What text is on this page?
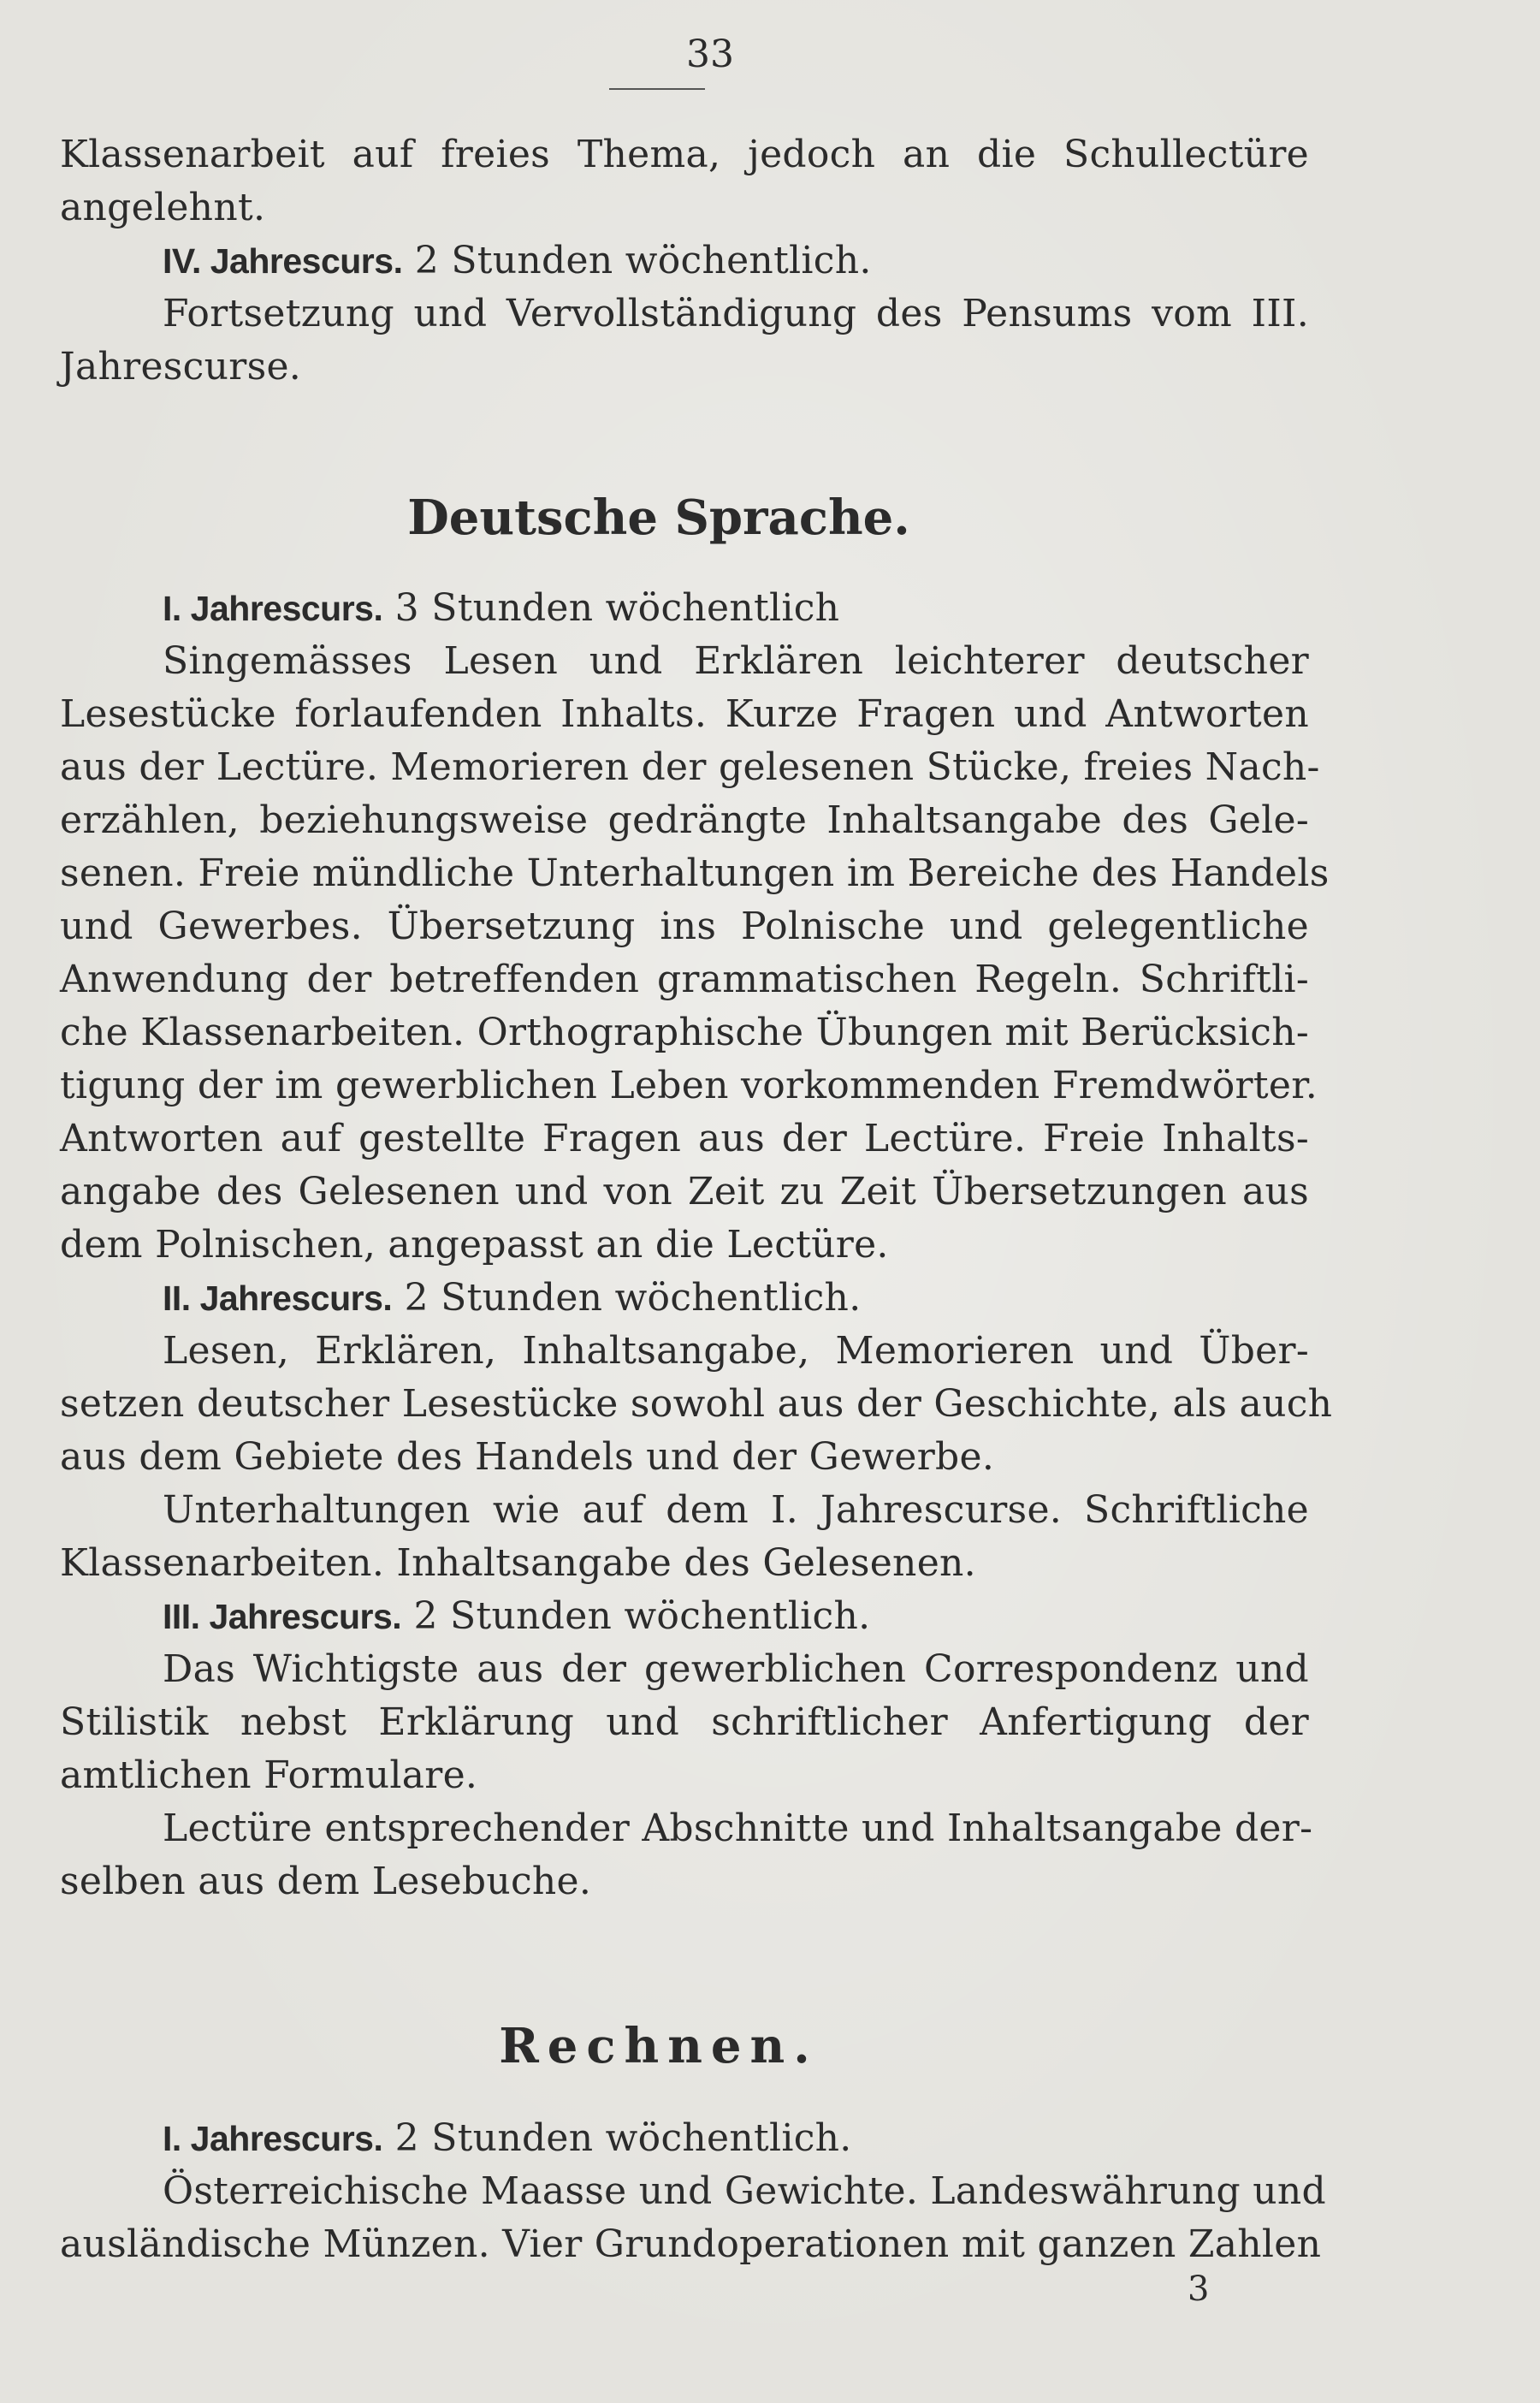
33
Klassenarbeit auf freies Thema, jedoch an die Schullectüre
angelehnt.
IV. Jahrescurs. 2 Stunden wöchentlich.
Fortsetzung und Vervollständigung des Pensums vom III.
Jahrescurse.
Deutsche Sprache.
I. Jahrescurs. 3 Stunden wöchentlich
Singemässes Lesen und Erklären leichterer deutscher
Lesestücke forlaufenden Inhalts. Kurze Fragen und Antworten
aus der Lectüre. Memorieren der gelesenen Stücke, freies Nach-
erzählen, beziehungsweise gedrängte Inhaltsangabe des Gele-
senen. Freie mündliche Unterhaltungen im Bereiche des Handels
und Gewerbes. Übersetzung ins Polnische und gelegentliche
Anwendung der betreffenden grammatischen Regeln. Schriftli-
che Klassenarbeiten. Orthographische Übungen mit Berücksich-
tigung der im gewerblichen Leben vorkommenden Fremdwörter.
Antworten auf gestellte Fragen aus der Lectüre. Freie Inhalts-
angabe des Gelesenen und von Zeit zu Zeit Übersetzungen aus
dem Polnischen, angepasst an die Lectüre.
II. Jahrescurs. 2 Stunden wöchentlich.
Lesen, Erklären, Inhaltsangabe, Memorieren und Über-
setzen deutscher Lesestücke sowohl aus der Geschichte, als auch
aus dem Gebiete des Handels und der Gewerbe.
Unterhaltungen wie auf dem I. Jahrescurse. Schriftliche
Klassenarbeiten. Inhaltsangabe des Gelesenen.
III. Jahrescurs. 2 Stunden wöchentlich.
Das Wichtigste aus der gewerblichen Correspondenz und
Stilistik nebst Erklärung und schriftlicher Anfertigung der
amtlichen Formulare.
Lectüre entsprechender Abschnitte und Inhaltsangabe der-
selben aus dem Lesebuche.
Rechnen.
I. Jahrescurs. 2 Stunden wöchentlich.
Österreichische Maasse und Gewichte. Landeswährung und
ausländische Münzen. Vier Grundoperationen mit ganzen Zahlen
3
